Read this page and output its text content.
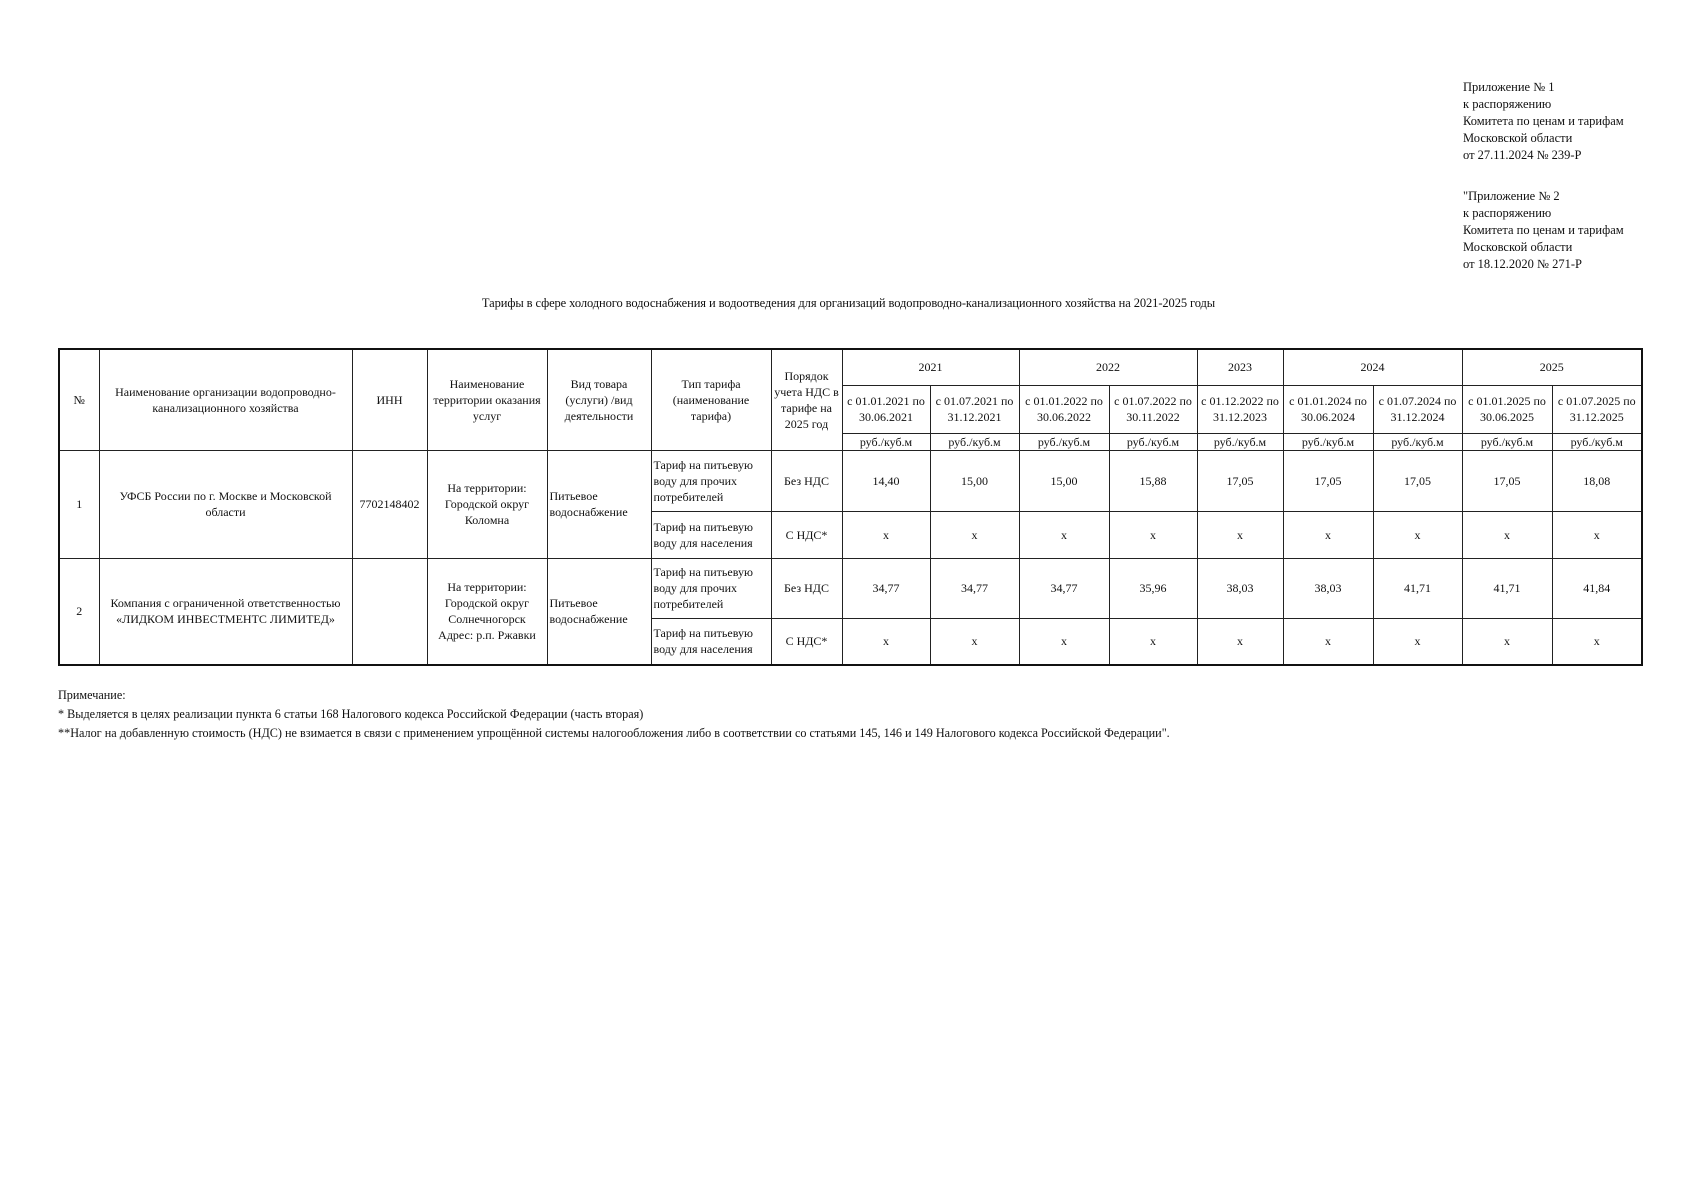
Приложение № 1
к распоряжению
Комитета по ценам и тарифам
Московской области
от 27.11.2024 № 239-Р
"Приложение № 2
к распоряжению
Комитета по ценам и тарифам
Московской области
от 18.12.2020 № 271-Р
Тарифы в сфере холодного водоснабжения и водоотведения для организаций водопроводно-канализационного хозяйства на 2021-2025 годы
№	Наименование организации водопроводно-канализационного хозяйства	ИНН	Наименование территории оказания услуг	Вид товара (услуги) /вид деятельности	Тип тарифа (наименование тарифа)	Порядок учета НДС в тарифе на 2025 год	2021		2022		2023	2024		2025	
							с 01.01.2021 по 30.06.2021	с 01.07.2021 по 31.12.2021	с 01.01.2022 по 30.06.2022	с 01.07.2022 по 30.11.2022	с 01.12.2022 по 31.12.2023	с 01.01.2024 по 30.06.2024	с 01.07.2024 по 31.12.2024	с 01.01.2025 по 30.06.2025	с 01.07.2025 по 31.12.2025
							руб./куб.м	руб./куб.м	руб./куб.м	руб./куб.м	руб./куб.м	руб./куб.м	руб./куб.м	руб./куб.м	руб./куб.м
1	УФСБ России по г. Москве и Московской области	7702148402	На территории: Городской округ Коломна	Питьевое водоснабжение	Тариф на питьевую воду для прочих потребителей	Без НДС	14,40	15,00	15,00	15,88	17,05	17,05	17,05	17,05	18,08
					Тариф на питьевую воду для населения	С НДС*	x	x	x	x	x	x	x	x	x
2	Компания с ограниченной ответственностью «ЛИДКОМ ИНВЕСТМЕНТС ЛИМИТЕД»		На территории: Городской округ Солнечногорск Адрес: р.п. Ржавки	Питьевое водоснабжение	Тариф на питьевую воду для прочих потребителей	Без НДС	34,77	34,77	34,77	35,96	38,03	38,03	41,71	41,71	41,84
					Тариф на питьевую воду для населения	С НДС*	x	x	x	x	x	x	x	x	x
Примечание:
* Выделяется в целях реализации пункта 6 статьи 168 Налогового кодекса Российской Федерации (часть вторая)
**Налог на добавленную стоимость (НДС) не взимается в связи с применением упрощённой системы налогообложения либо в соответствии со статьями 145, 146 и 149 Налогового кодекса Российской Федерации".
